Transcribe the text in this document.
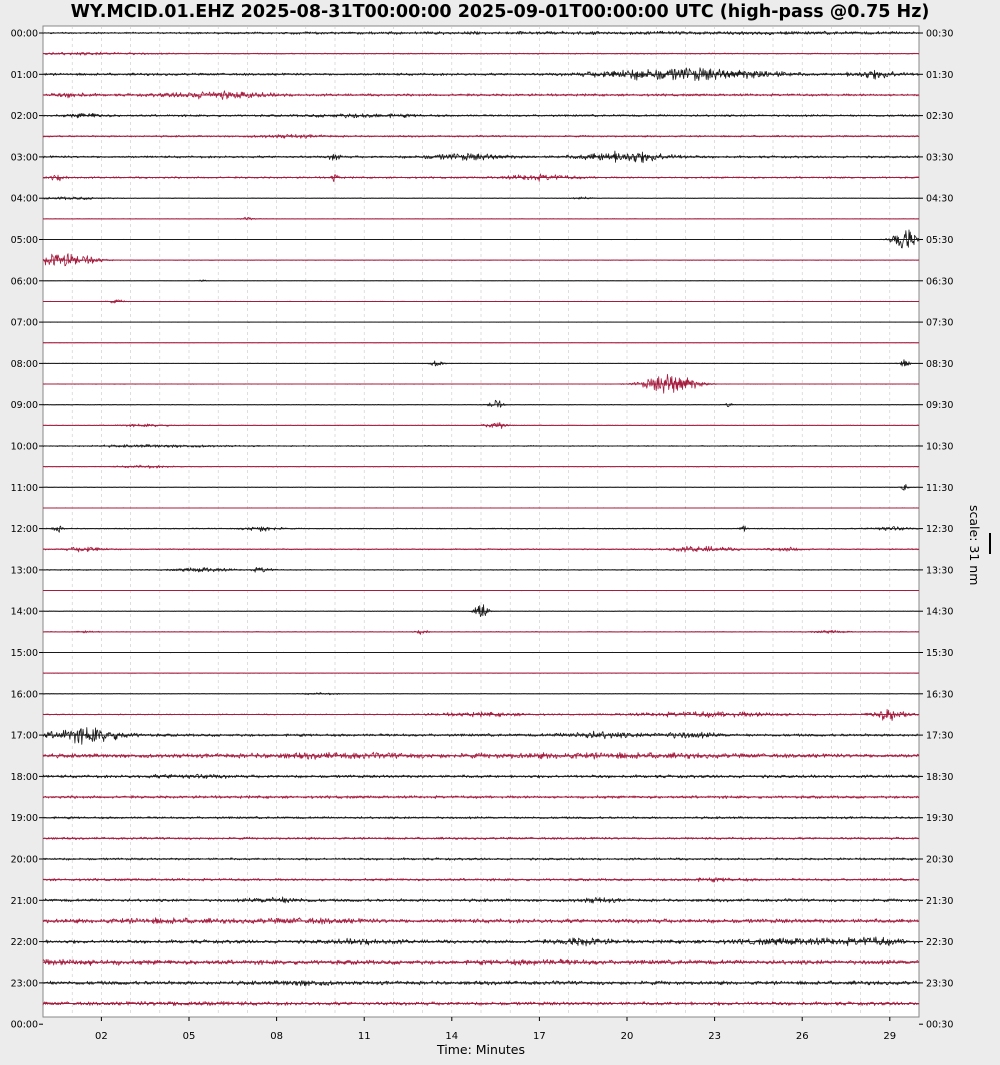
WY.MCID.01.EHZ 2025-08-31T00:00:00 2025-09-01T00:00:00 UTC (high-pass @0.75 Hz)
02	05	08	11	14	17	20	23	26	29
00:00	00:30
01:00	01:30
02:00	02:30
03:00	03:30
04:00	04:30
05:00	05:30
06:00	06:30
07:00	07:30
08:00	08:30
09:00	09:30
10:00	10:30
11:00	11:30
12:00	12:30
13:00	13:30
14:00	14:30
15:00	15:30
16:00	16:30
17:00	17:30
18:00	18:30
19:00	19:30
20:00	20:30
21:00	21:30
22:00	22:30
23:00	23:30
00:00	00:30
Time: Minutes
scale: 31 nm
